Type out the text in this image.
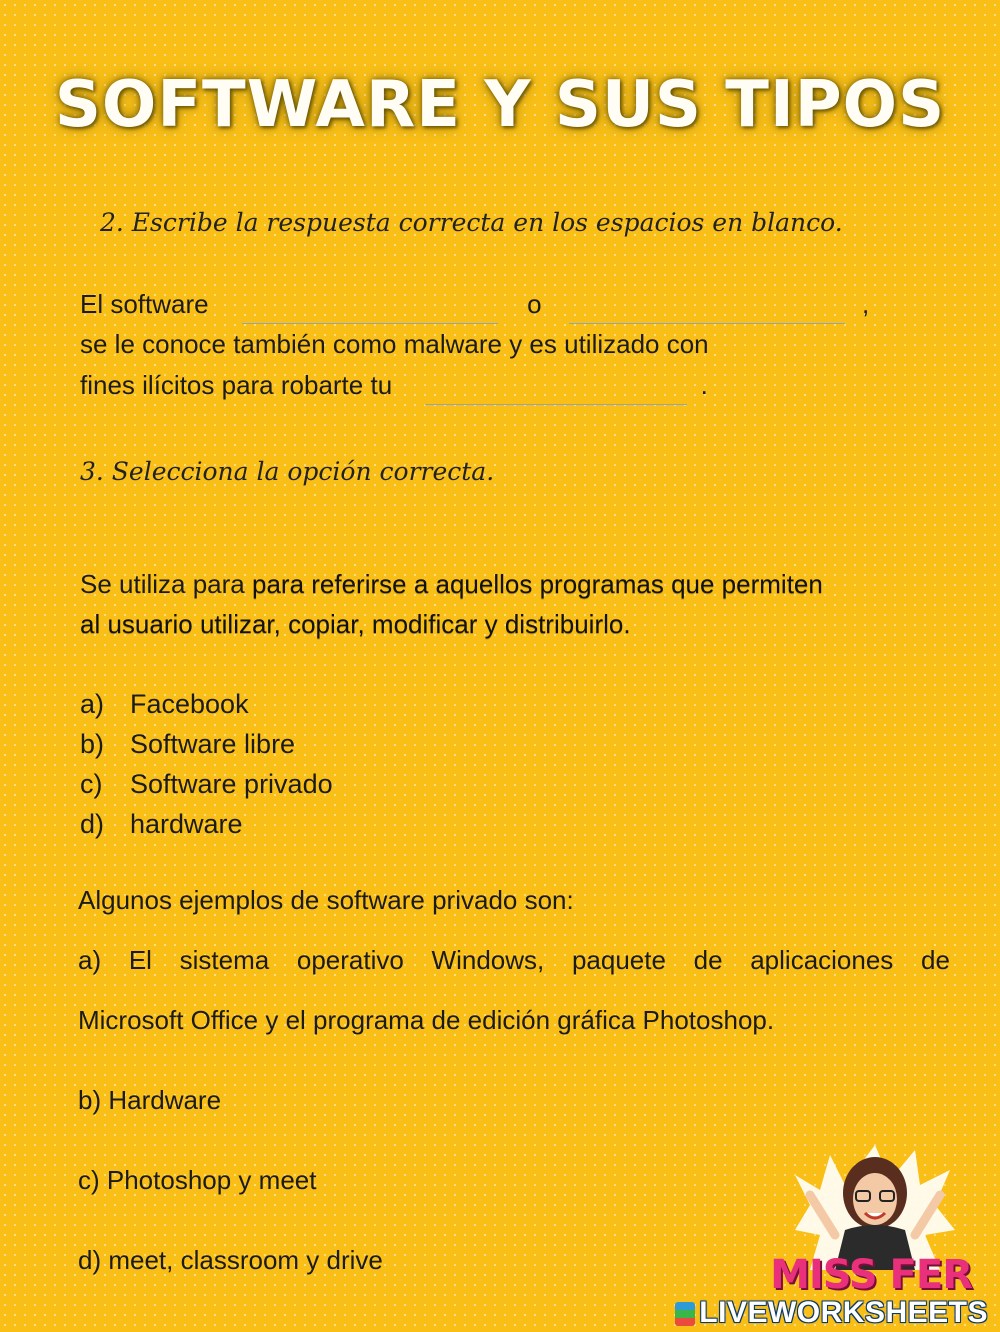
SOFTWARE Y SUS TIPOS
2. Escribe la respuesta correcta en los espacios en blanco.
El software	o	,
se le conoce también como malware y es utilizado con
fines ilícitos para robarte tu	.
3. Selecciona la opción correcta.
Se utiliza para para referirse a aquellos programas que permiten
al usuario utilizar, copiar, modificar y distribuirlo.
a) Facebook
b) Software libre
c) Software privado
d) hardware
Algunos ejemplos de software privado son:
a) El sistema operativo Windows, paquete de aplicaciones de
Microsoft Office y el programa de edición gráfica Photoshop.
b) Hardware
c) Photoshop y meet
d) meet, classroom y drive	MISS FER
LIVEWORKSHEETS
